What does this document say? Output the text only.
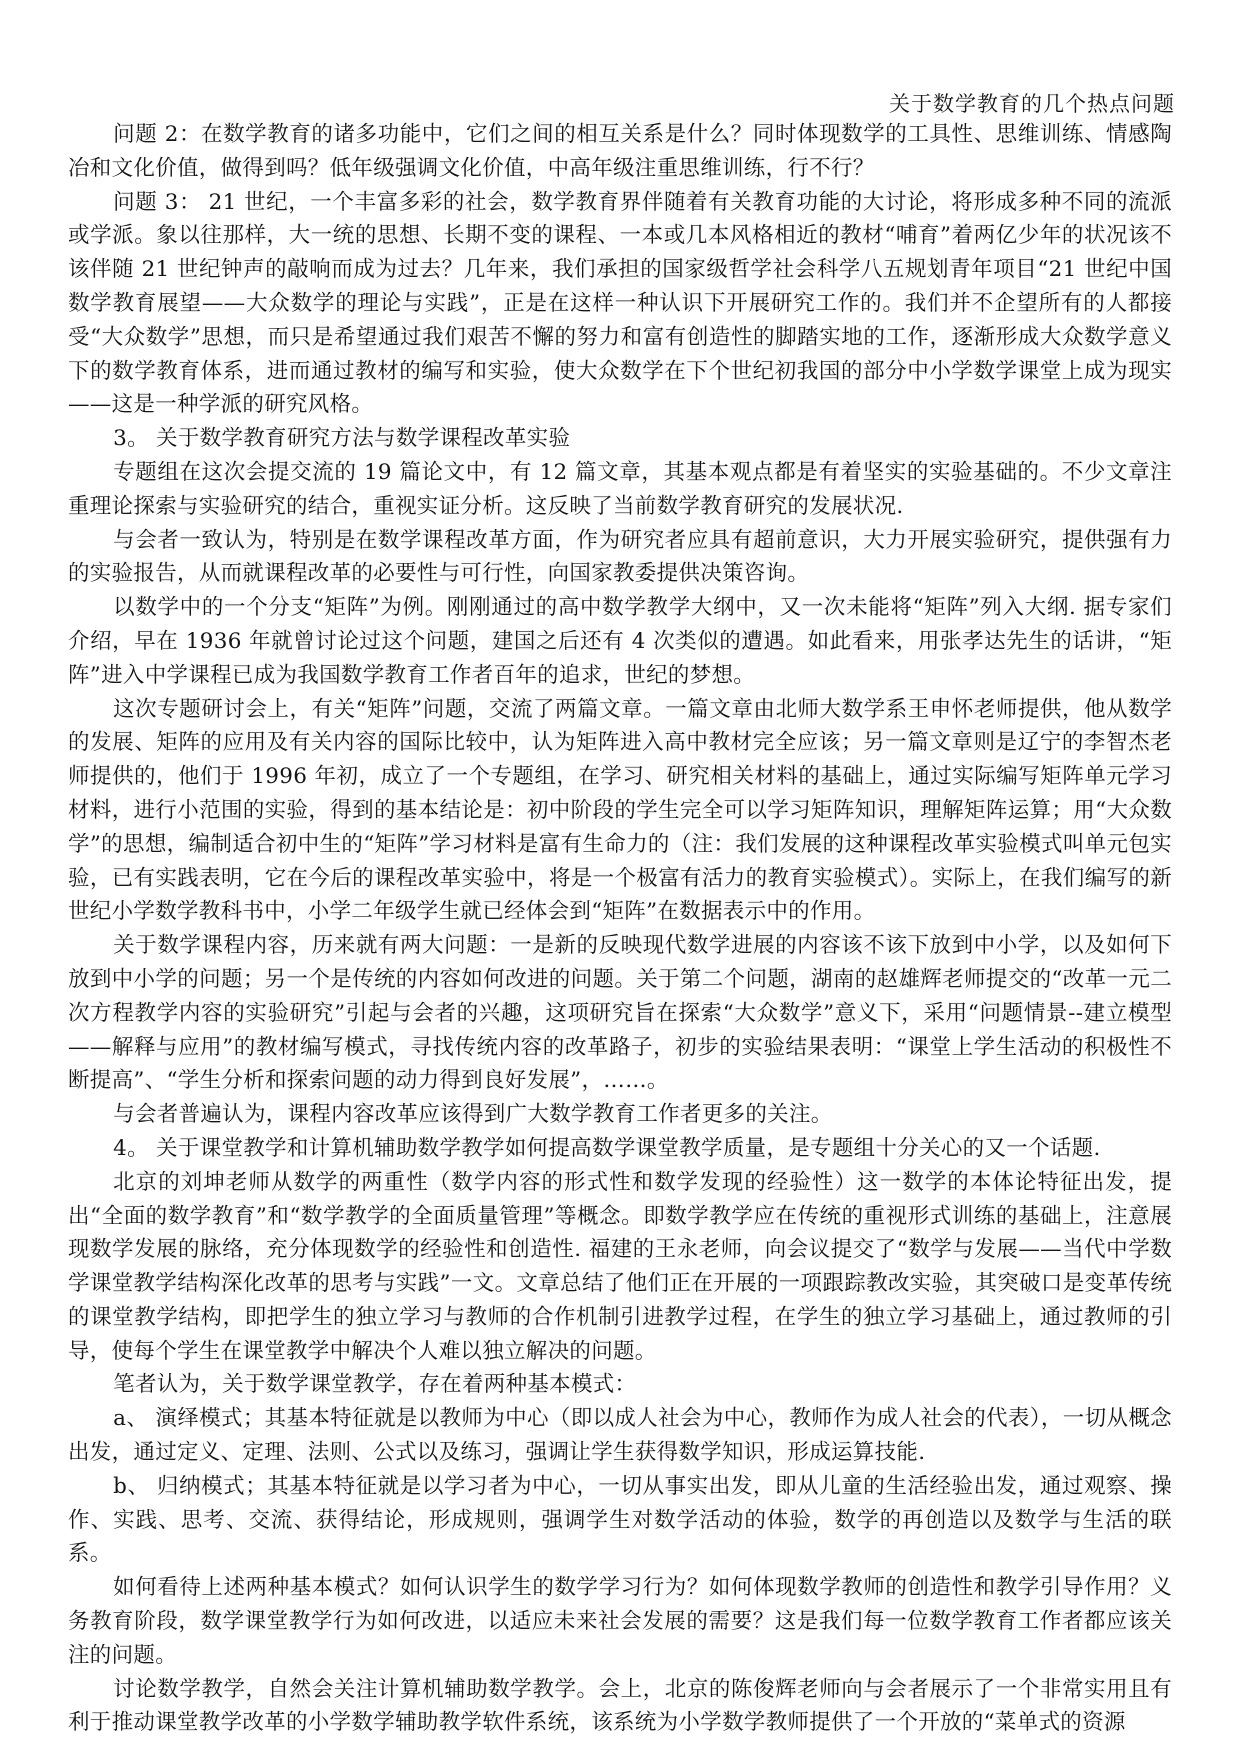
关于数学教育的几个热点问题

问题 2：在数学教育的诸多功能中，它们之间的相互关系是什么？同时体现数学的工具性、思维训练、情感陶冶和文化价值，做得到吗？低年级强调文化价值，中高年级注重思维训练，行不行？

问题 3： 21 世纪，一个丰富多彩的社会，数学教育界伴随着有关教育功能的大讨论，将形成多种不同的流派或学派。象以往那样，大一统的思想、长期不变的课程、一本或几本风格相近的教材“哺育”着两亿少年的状况该不该伴随 21 世纪钟声的敲响而成为过去？几年来，我们承担的国家级哲学社会科学八五规划青年项目“21 世纪中国数学教育展望——大众数学的理论与实践”，正是在这样一种认识下开展研究工作的。我们并不企望所有的人都接受“大众数学”思想，而只是希望通过我们艰苦不懈的努力和富有创造性的脚踏实地的工作，逐渐形成大众数学意义下的数学教育体系，进而通过教材的编写和实验，使大众数学在下个世纪初我国的部分中小学数学课堂上成为现实——这是一种学派的研究风格。

3。 关于数学教育研究方法与数学课程改革实验

专题组在这次会提交流的 19 篇论文中，有 12 篇文章，其基本观点都是有着坚实的实验基础的。不少文章注重理论探索与实验研究的结合，重视实证分析。这反映了当前数学教育研究的发展状况.

与会者一致认为，特别是在数学课程改革方面，作为研究者应具有超前意识，大力开展实验研究，提供强有力的实验报告，从而就课程改革的必要性与可行性，向国家教委提供决策咨询。

以数学中的一个分支“矩阵”为例。刚刚通过的高中数学教学大纲中，又一次未能将“矩阵”列入大纲. 据专家们介绍，早在 1936 年就曾讨论过这个问题，建国之后还有 4 次类似的遭遇。如此看来，用张孝达先生的话讲，“矩阵”进入中学课程已成为我国数学教育工作者百年的追求，世纪的梦想。

这次专题研讨会上，有关“矩阵”问题，交流了两篇文章。一篇文章由北师大数学系王申怀老师提供，他从数学的发展、矩阵的应用及有关内容的国际比较中，认为矩阵进入高中教材完全应该；另一篇文章则是辽宁的李智杰老师提供的，他们于 1996 年初，成立了一个专题组，在学习、研究相关材料的基础上，通过实际编写矩阵单元学习材料，进行小范围的实验，得到的基本结论是：初中阶段的学生完全可以学习矩阵知识，理解矩阵运算；用“大众数学”的思想，编制适合初中生的“矩阵”学习材料是富有生命力的（注：我们发展的这种课程改革实验模式叫单元包实验，已有实践表明，它在今后的课程改革实验中，将是一个极富有活力的教育实验模式）。实际上，在我们编写的新世纪小学数学教科书中，小学二年级学生就已经体会到“矩阵”在数据表示中的作用。

关于数学课程内容，历来就有两大问题：一是新的反映现代数学进展的内容该不该下放到中小学，以及如何下放到中小学的问题；另一个是传统的内容如何改进的问题。关于第二个问题，湖南的赵雄辉老师提交的“改革一元二次方程教学内容的实验研究”引起与会者的兴趣，这项研究旨在探索“大众数学”意义下，采用“问题情景--建立模型——解释与应用”的教材编写模式，寻找传统内容的改革路子，初步的实验结果表明：“课堂上学生活动的积极性不断提高”、“学生分析和探索问题的动力得到良好发展”，……。

与会者普遍认为，课程内容改革应该得到广大数学教育工作者更多的关注。

4。 关于课堂教学和计算机辅助数学教学如何提高数学课堂教学质量，是专题组十分关心的又一个话题.

北京的刘坤老师从数学的两重性（数学内容的形式性和数学发现的经验性）这一数学的本体论特征出发，提出“全面的数学教育”和“数学教学的全面质量管理”等概念。即数学教学应在传统的重视形式训练的基础上，注意展现数学发展的脉络，充分体现数学的经验性和创造性. 福建的王永老师，向会议提交了“数学与发展——当代中学数学课堂教学结构深化改革的思考与实践”一文。文章总结了他们正在开展的一项跟踪教改实验，其突破口是变革传统的课堂教学结构，即把学生的独立学习与教师的合作机制引进教学过程，在学生的独立学习基础上，通过教师的引导，使每个学生在课堂教学中解决个人难以独立解决的问题。

笔者认为，关于数学课堂教学，存在着两种基本模式：

a、 演绎模式；其基本特征就是以教师为中心（即以成人社会为中心，教师作为成人社会的代表），一切从概念出发，通过定义、定理、法则、公式以及练习，强调让学生获得数学知识，形成运算技能.

b、 归纳模式；其基本特征就是以学习者为中心，一切从事实出发，即从儿童的生活经验出发，通过观察、操作、实践、思考、交流、获得结论，形成规则，强调学生对数学活动的体验，数学的再创造以及数学与生活的联系。

如何看待上述两种基本模式？如何认识学生的数学学习行为？如何体现数学教师的创造性和教学引导作用？义务教育阶段，数学课堂教学行为如何改进，以适应未来社会发展的需要？这是我们每一位数学教育工作者都应该关注的问题。

讨论数学教学，自然会关注计算机辅助数学教学。会上，北京的陈俊辉老师向与会者展示了一个非常实用且有利于推动课堂教学改革的小学数学辅助教学软件系统，该系统为小学数学教师提供了一个开放的“菜单式的资源
